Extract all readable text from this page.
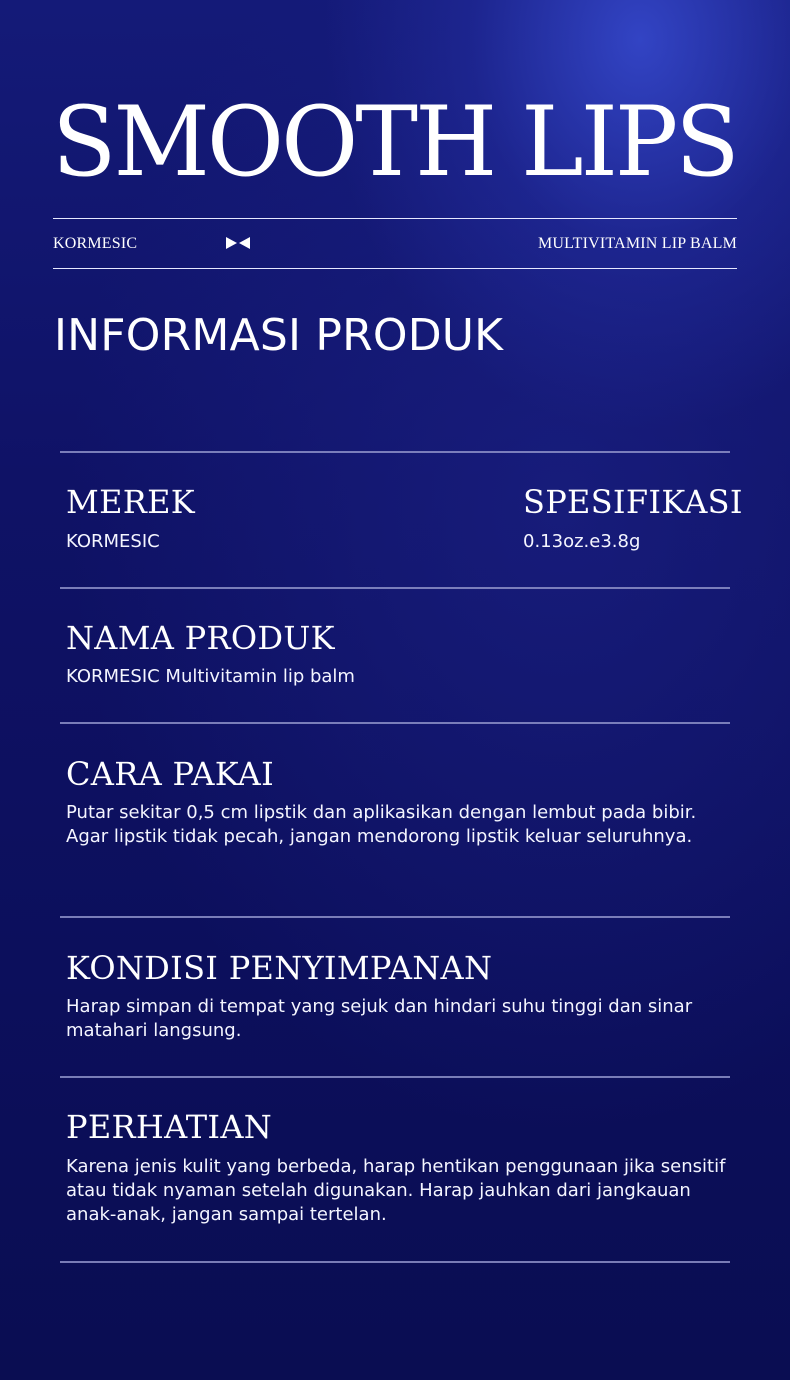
SMOOTH LIPS
KORMESIC	MULTIVITAMIN LIP BALM
INFORMASI PRODUK
MEREK
KORMESIC
SPESIFIKASI
0.13oz.e3.8g
NAMA PRODUK
KORMESIC Multivitamin lip balm
CARA PAKAI
Putar sekitar 0,5 cm lipstik dan aplikasikan dengan lembut pada bibir. Agar lipstik tidak pecah, jangan mendorong lipstik keluar seluruhnya.
KONDISI PENYIMPANAN
Harap simpan di tempat yang sejuk dan hindari suhu tinggi dan sinar matahari langsung.
PERHATIAN
Karena jenis kulit yang berbeda, harap hentikan penggunaan jika sensitif atau tidak nyaman setelah digunakan. Harap jauhkan dari jangkauan anak-anak, jangan sampai tertelan.
